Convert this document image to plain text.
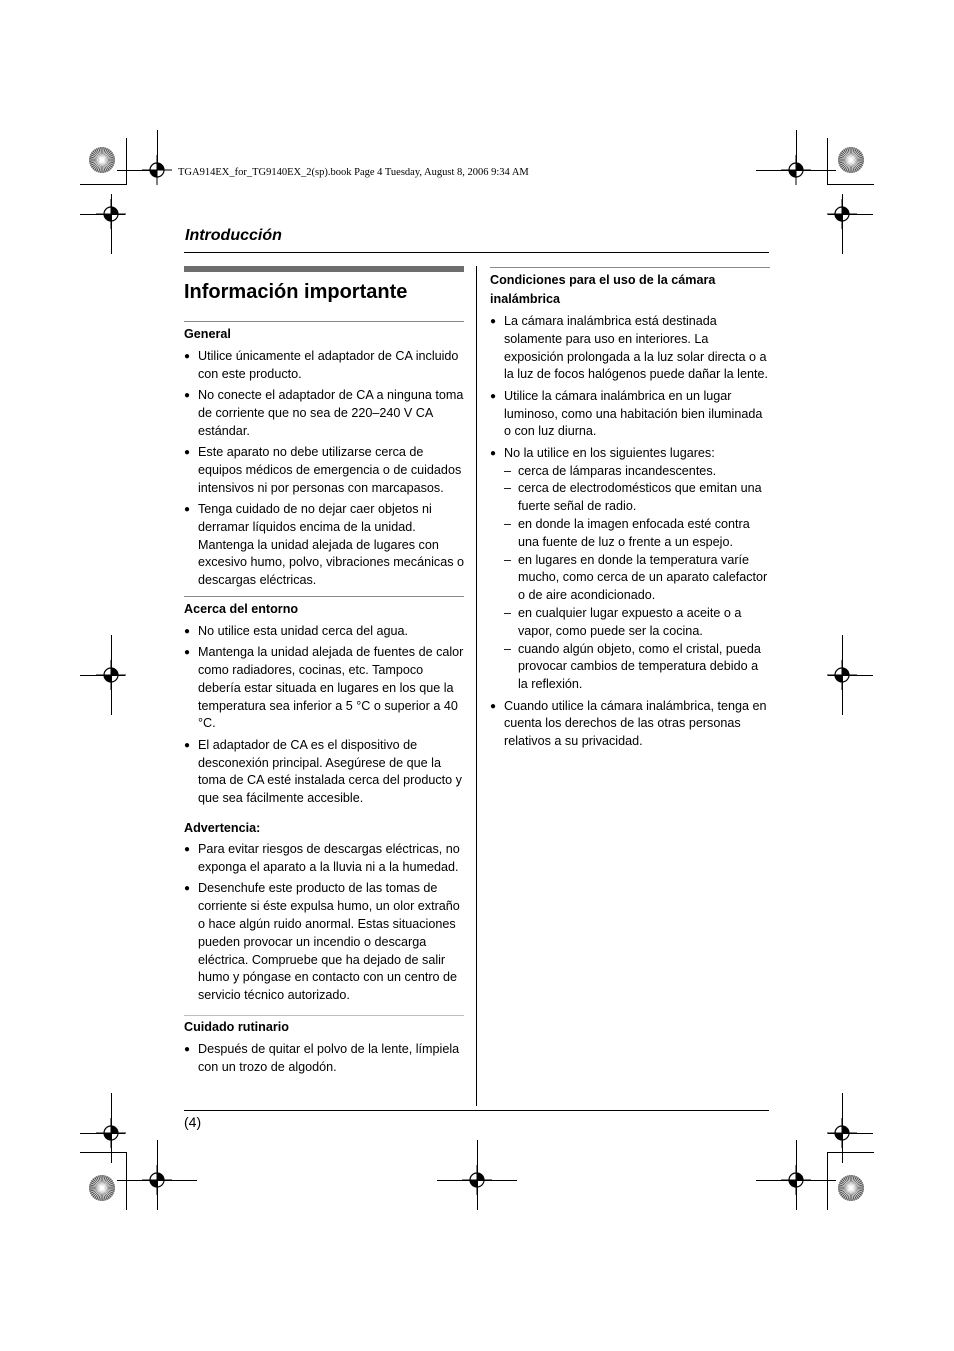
TGA914EX_for_TG9140EX_2(sp).book Page 4 Tuesday, August 8, 2006 9:34 AM
Introducción
(4)
Información importante
General
● Utilice únicamente el adaptador de CA incluido con este producto.
● No conecte el adaptador de CA a ninguna toma de corriente que no sea de 220–240 V CA estándar.
● Este aparato no debe utilizarse cerca de equipos médicos de emergencia o de cuidados intensivos ni por personas con marcapasos.
● Tenga cuidado de no dejar caer objetos ni derramar líquidos encima de la unidad. Mantenga la unidad alejada de lugares con excesivo humo, polvo, vibraciones mecánicas o descargas eléctricas.
Acerca del entorno
● No utilice esta unidad cerca del agua.
● Mantenga la unidad alejada de fuentes de calor como radiadores, cocinas, etc. Tampoco debería estar situada en lugares en los que la temperatura sea inferior a 5 °C o superior a 40 °C.
● El adaptador de CA es el dispositivo de desconexión principal. Asegúrese de que la toma de CA esté instalada cerca del producto y que sea fácilmente accesible.
Advertencia:
● Para evitar riesgos de descargas eléctricas, no exponga el aparato a la lluvia ni a la humedad.
● Desenchufe este producto de las tomas de corriente si éste expulsa humo, un olor extraño o hace algún ruido anormal. Estas situaciones pueden provocar un incendio o descarga eléctrica. Compruebe que ha dejado de salir humo y póngase en contacto con un centro de servicio técnico autorizado.
Cuidado rutinario
● Después de quitar el polvo de la lente, límpiela con un trozo de algodón.
Condiciones para el uso de la cámara inalámbrica
● La cámara inalámbrica está destinada solamente para uso en interiores. La exposición prolongada a la luz solar directa o a la luz de focos halógenos puede dañar la lente.
● Utilice la cámara inalámbrica en un lugar luminoso, como una habitación bien iluminada o con luz diurna.
● No la utilice en los siguientes lugares:
– cerca de lámparas incandescentes.
– cerca de electrodomésticos que emitan una fuerte señal de radio.
– en donde la imagen enfocada esté contra una fuente de luz o frente a un espejo.
– en lugares en donde la temperatura varíe mucho, como cerca de un aparato calefactor o de aire acondicionado.
– en cualquier lugar expuesto a aceite o a vapor, como puede ser la cocina.
– cuando algún objeto, como el cristal, pueda provocar cambios de temperatura debido a la reflexión.
● Cuando utilice la cámara inalámbrica, tenga en cuenta los derechos de las otras personas relativos a su privacidad.
